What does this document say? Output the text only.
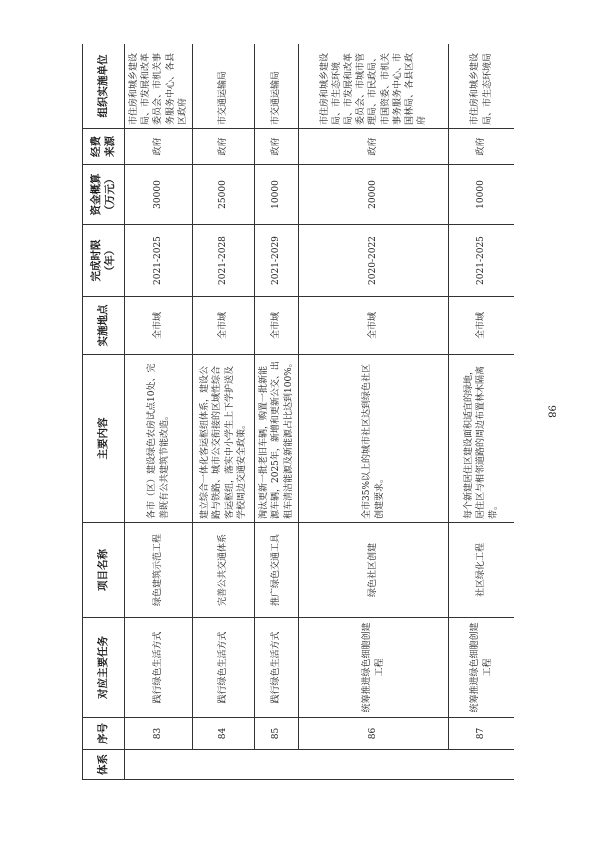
体系	序号	对应主要任务	项目名称	主要内容	实施地点	完成时限（年）	资金概算（万元）	经费来源	组织实施单位
	83	践行绿色生活方式	绿色建筑示范工程	各市（区）建设绿色农房试点10处、完善既有公共建筑节能改造。	全市域	2021-2025	30000	政府	市住房和城乡建设局、市发展和改革委员会、市机关事务服务中心、各县区政府
	84	践行绿色生活方式	完善公共交通体系	建立综合一体化客运枢纽体系，建设公路与铁路、城市公交衔接的区域性综合客运枢纽，落实中小学生上下学护送及学校周边交通安全政策。	全市域	2021-2028	25000	政府	市交通运输局
	85	践行绿色生活方式	推广绿色交通工具	淘汰更新一批老旧车辆，购置一批新能源车辆，2025年，新增和更新公交、出租车清洁能源及新能源占比达到100%。	全市域	2021-2029	10000	政府	市交通运输局
	86	统筹推进绿色细胞创建工程	绿色社区创建	全市35%以上的城市社区达到绿色社区创建要求。	全市域	2020-2022	20000	政府	市住房和城乡建设局、市生态环境局、市发展和改革委员会、市城市管理局、市民政局、市国资委、市机关事务服务中心、市国林局、各县区政府
	87	统筹推进绿色细胞创建工程	社区绿化工程	每个新建居住区建设面积适宜的绿地，居住区与相邻道路的周边布置林木隔离带。	全市域	2021-2025	10000	政府	市住房和城乡建设局、市生态环境局
98
